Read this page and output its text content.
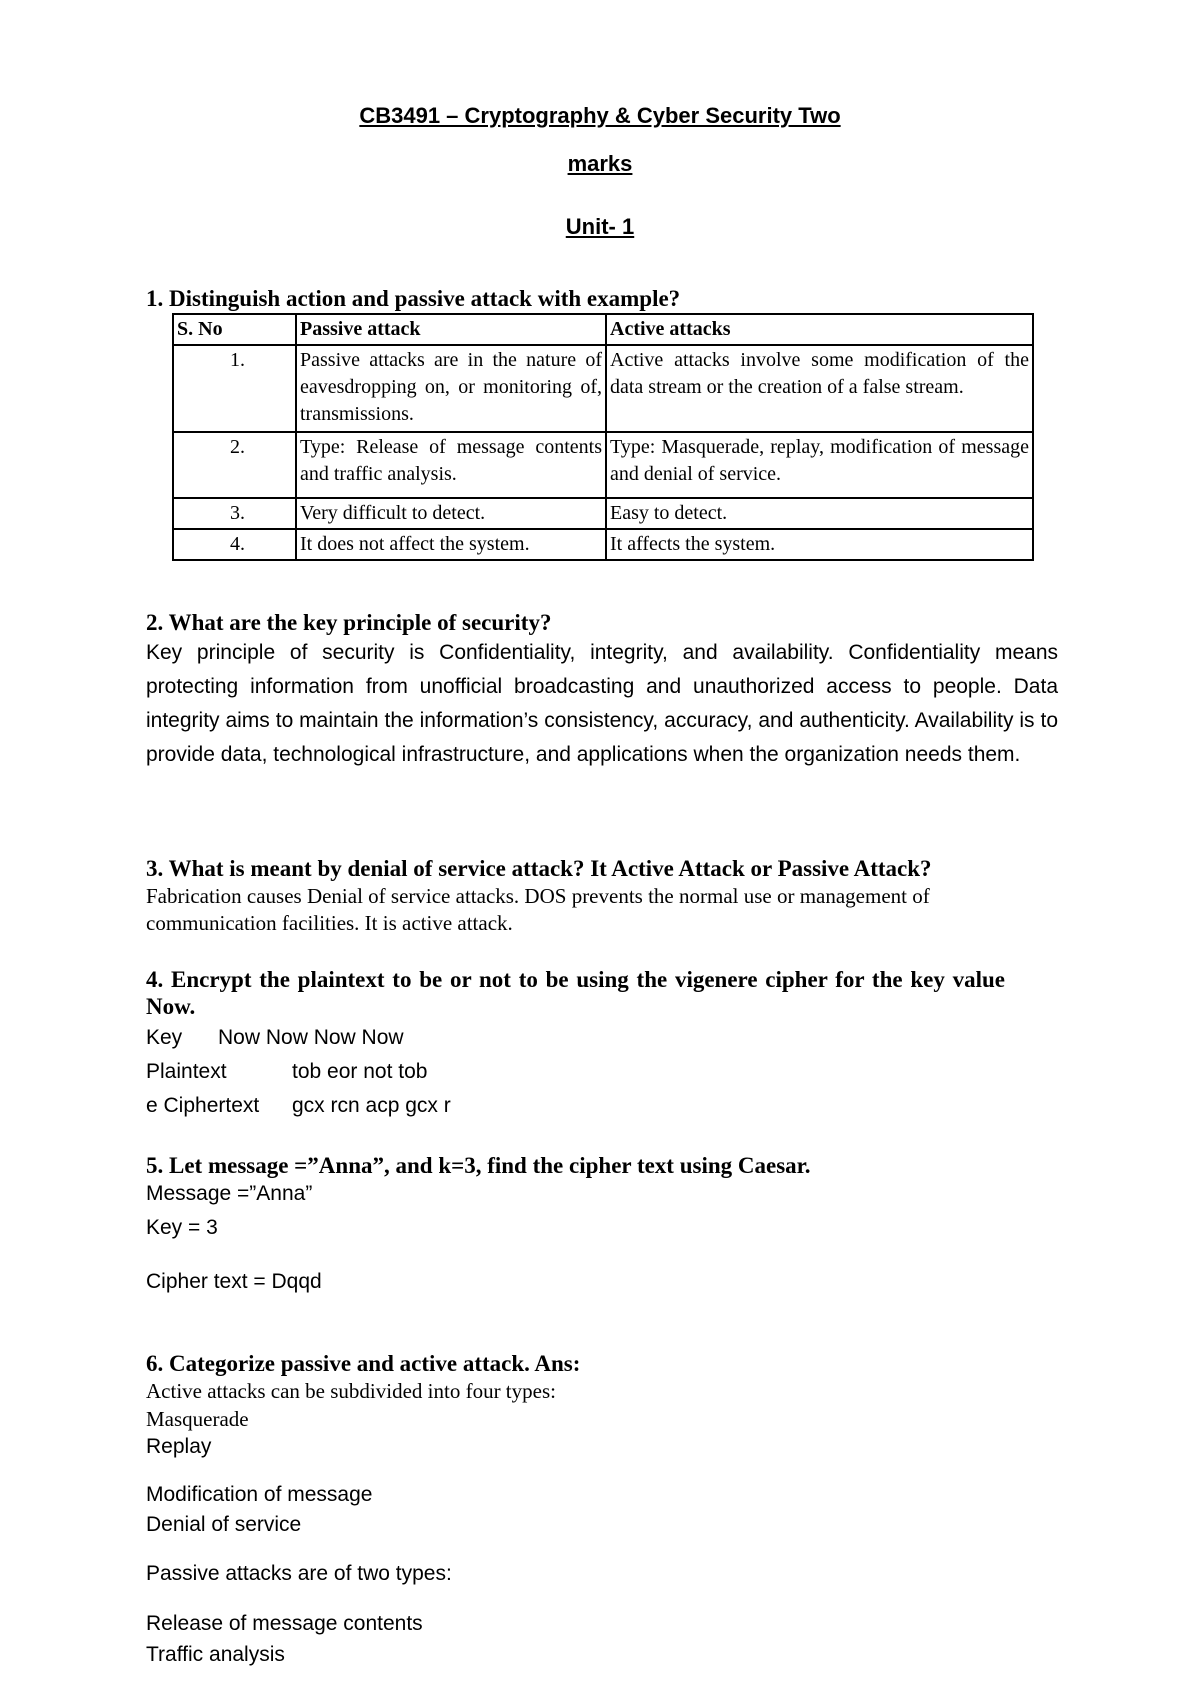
CB3491 – Cryptography & Cyber Security Two
marks
Unit- 1
1. Distinguish action and passive attack with example?
S. No	Passive attack	Active attacks
1.	Passive attacks are in the nature of eavesdropping on, or monitoring of, transmissions.	Active attacks involve some modification of the data stream or the creation of a false stream.
2.	Type: Release of message contents and traffic analysis.	Type: Masquerade, replay, modification of message and denial of service.
3.	Very difficult to detect.	Easy to detect.
4.	It does not affect the system.	It affects the system.
2. What are the key principle of security?
Key principle of security is Confidentiality, integrity, and availability. Confidentiality means protecting information from unofficial broadcasting and unauthorized access to people. Data integrity aims to maintain the information’s consistency, accuracy, and authenticity. Availability is to provide data, technological infrastructure, and applications when the organization needs them.
3. What is meant by denial of service attack? It Active Attack or Passive Attack?
Fabrication causes Denial of service attacks. DOS prevents the normal use or management of communication facilities. It is active attack.
4. Encrypt the plaintext to be or not to be using the vigenere cipher for the key value
Now.
Key Now Now Now Now
Plaintext	tob eor not tob
e Ciphertext gcx rcn acp gcx r
5. Let message =”Anna”, and k=3, find the cipher text using Caesar.
Message =”Anna”
Key = 3
Cipher text = Dqqd
6. Categorize passive and active attack. Ans:
Active attacks can be subdivided into four types:
Masquerade
Replay
Modification of message
Denial of service
Passive attacks are of two types:
Release of message contents
Traffic analysis
